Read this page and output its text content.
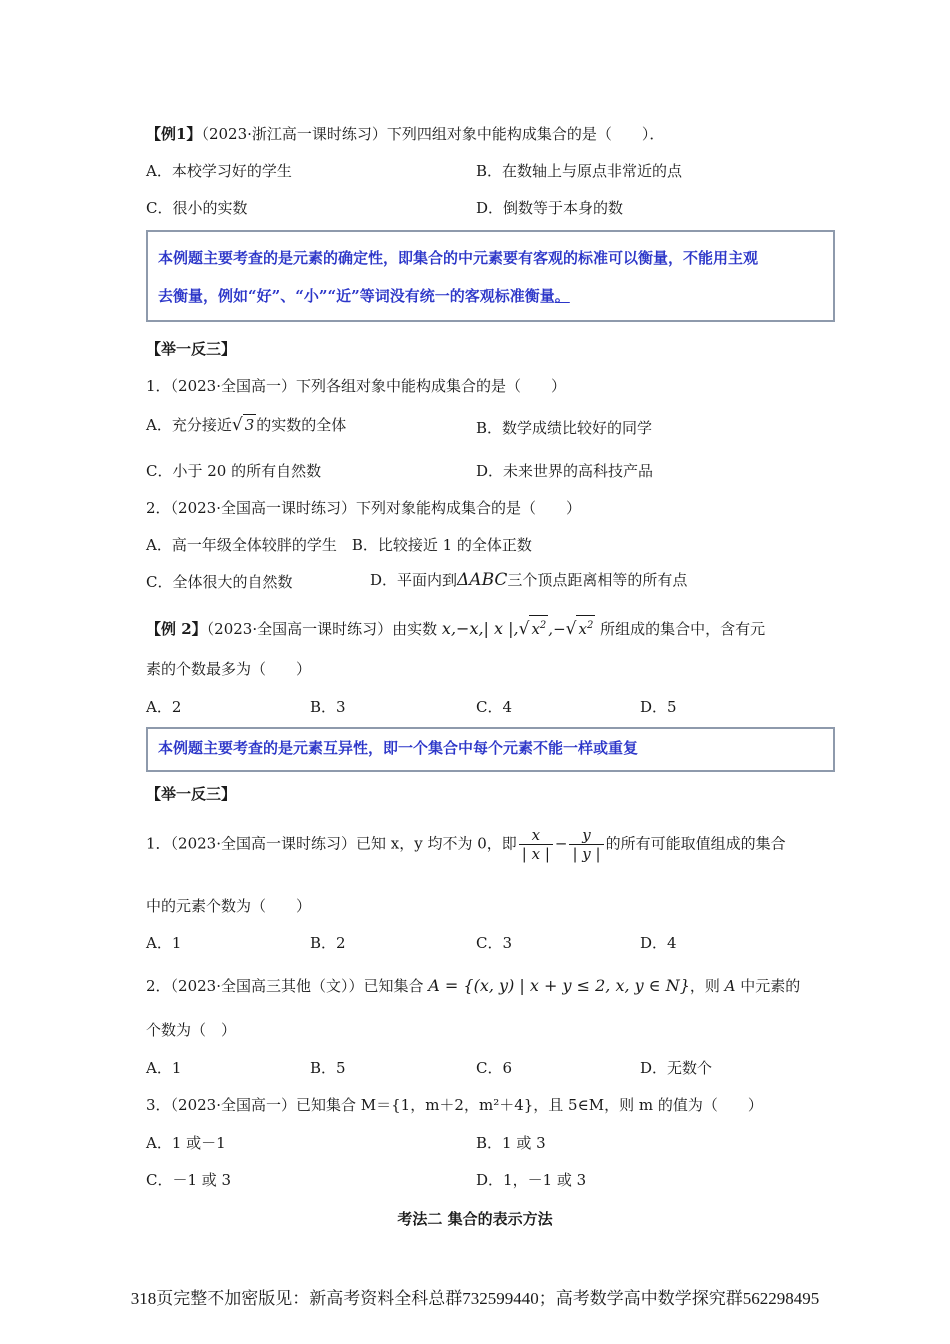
【例1】（2023·浙江高一课时练习）下列四组对象中能构成集合的是（　　）．
A．本校学习好的学生	B．在数轴上与原点非常近的点
C．很小的实数	D．倒数等于本身的数

本例题主要考查的是元素的确定性，即集合的中元素要有客观的标准可以衡量，不能用主观

去衡量，例如“好”、“小”“近”等词没有统一的客观标准衡量。

【举一反三】
1．（2023·全国高一）下列各组对象中能构成集合的是（　　）
A．充分接近√ 3 的实数的全体	B．数学成绩比较好的同学
C．小于 20 的所有自然数	D．未来世界的高科技产品
2．（2023·全国高一课时练习）下列对象能构成集合的是（　　）
A．高一年级全体较胖的学生　B．比较接近 1 的全体正数
C．全体很大的自然数	D．平面内到ΔABC三个顶点距离相等的所有点
【例 2】（2023·全国高一课时练习）由实数 x,−x,| x |,√ $x^2$ ,−√ $x^2$ 所组成的集合中，含有元
素的个数最多为（　　）
A．2	B．3	C．4	D．5

本例题主要考查的是元素互异性，即一个集合中每个元素不能一样或重复

【举一反三】
1．（2023·全国高一课时练习）已知 x，y 均不为 0，即 $\frac{x}{| x |} - \frac{y}{| y |}$ 的所有可能取值组成的集合
中的元素个数为（　　）
A．1	B．2	C．3	D．4
2．（2023·全国高三其他（文））已知集合 A = {(x, y) | x + y ≤ 2, x, y ∈ N}，则 A 中元素的
个数为（　）
A．1	B．5	C．6	D．无数个
3．（2023·全国高一）已知集合 M＝{1，m＋2，m²＋4}，且 5∈M，则 m 的值为（　　）
A．1 或－1	B．1 或 3
C．－1 或 3	D．1，－1 或 3
考法二 集合的表示方法
318页完整不加密版见：新高考资料全科总群732599440；高考数学高中数学探究群562298495
